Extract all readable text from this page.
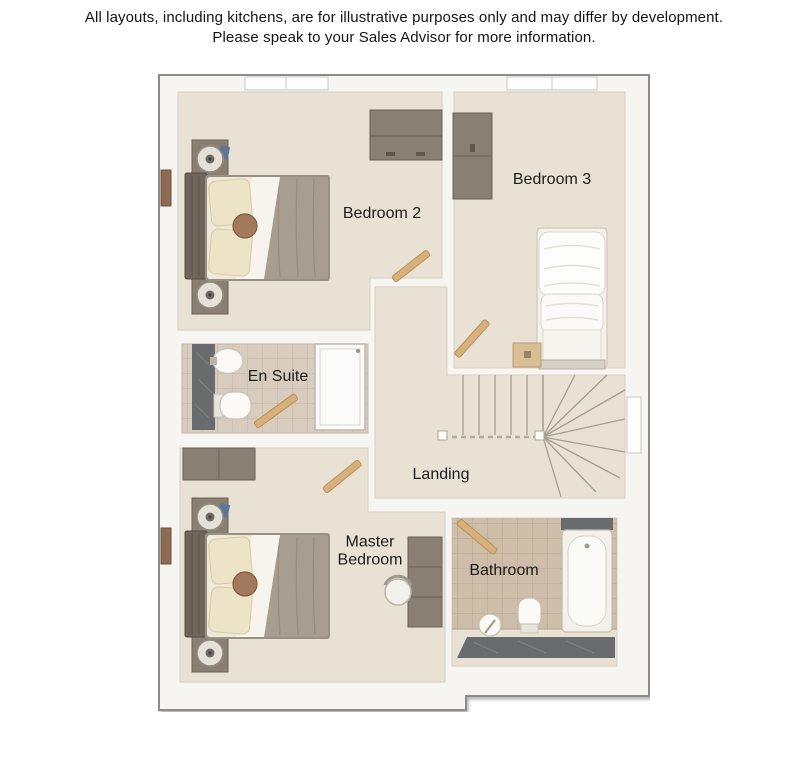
All layouts, including kitchens, are for illustrative purposes only and may differ by development.
Please speak to your Sales Advisor for more information.
Bedroom 2
Bedroom 3
En Suite
Landing
Master Bedroom
Bathroom
